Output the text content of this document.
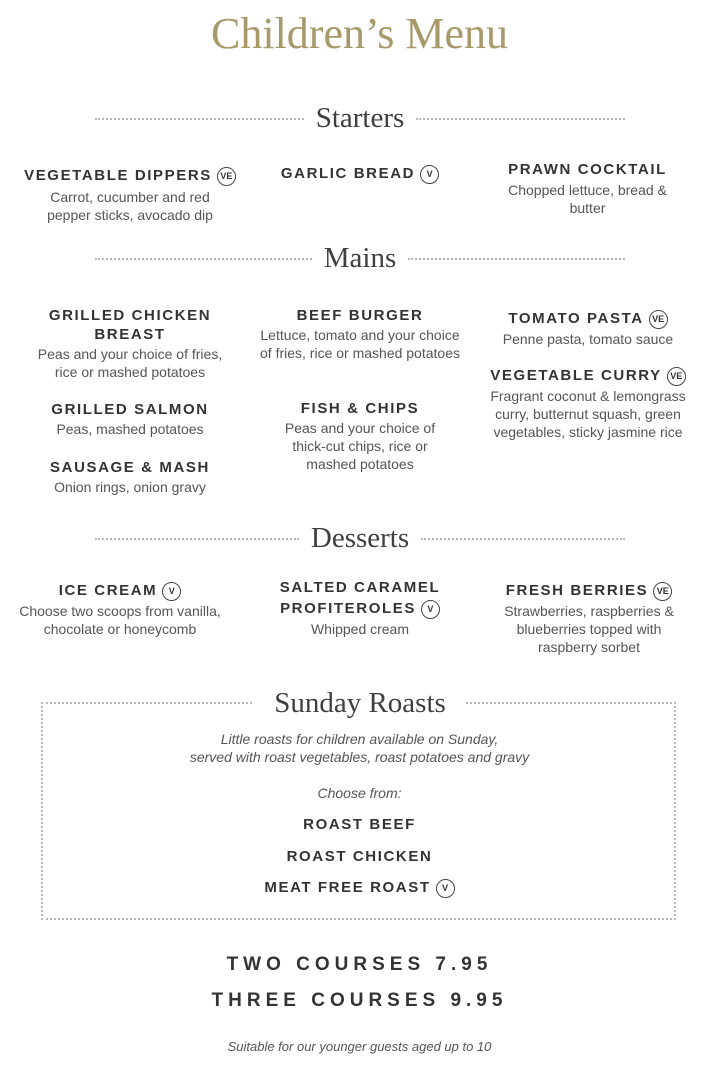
Children’s Menu
Starters
VEGETABLE DIPPERS VE
Carrot, cucumber and red pepper sticks, avocado dip
GARLIC BREAD V	PRAWN COCKTAIL
Chopped lettuce, bread & butter
Mains
GRILLED CHICKEN BREAST
Peas and your choice of fries, rice or mashed potatoes
GRILLED SALMON
Peas, mashed potatoes
SAUSAGE & MASH
Onion rings, onion gravy
BEEF BURGER
Lettuce, tomato and your choice of fries, rice or mashed potatoes
FISH & CHIPS
Peas and your choice of thick-cut chips, rice or mashed potatoes
TOMATO PASTA VE
Penne pasta, tomato sauce
VEGETABLE CURRY VE
Fragrant coconut & lemongrass curry, butternut squash, green vegetables, sticky jasmine rice
Desserts
ICE CREAM V
Choose two scoops from vanilla, chocolate or honeycomb
SALTED CARAMEL
PROFITEROLES V
Whipped cream
FRESH BERRIES VE
Strawberries, raspberries & blueberries topped with raspberry sorbet
Sunday Roasts
Little roasts for children available on Sunday,
served with roast vegetables, roast potatoes and gravy
Choose from:
ROAST BEEF
ROAST CHICKEN
MEAT FREE ROAST V
TWO COURSES 7.95
THREE COURSES 9.95
Suitable for our younger guests aged up to 10
